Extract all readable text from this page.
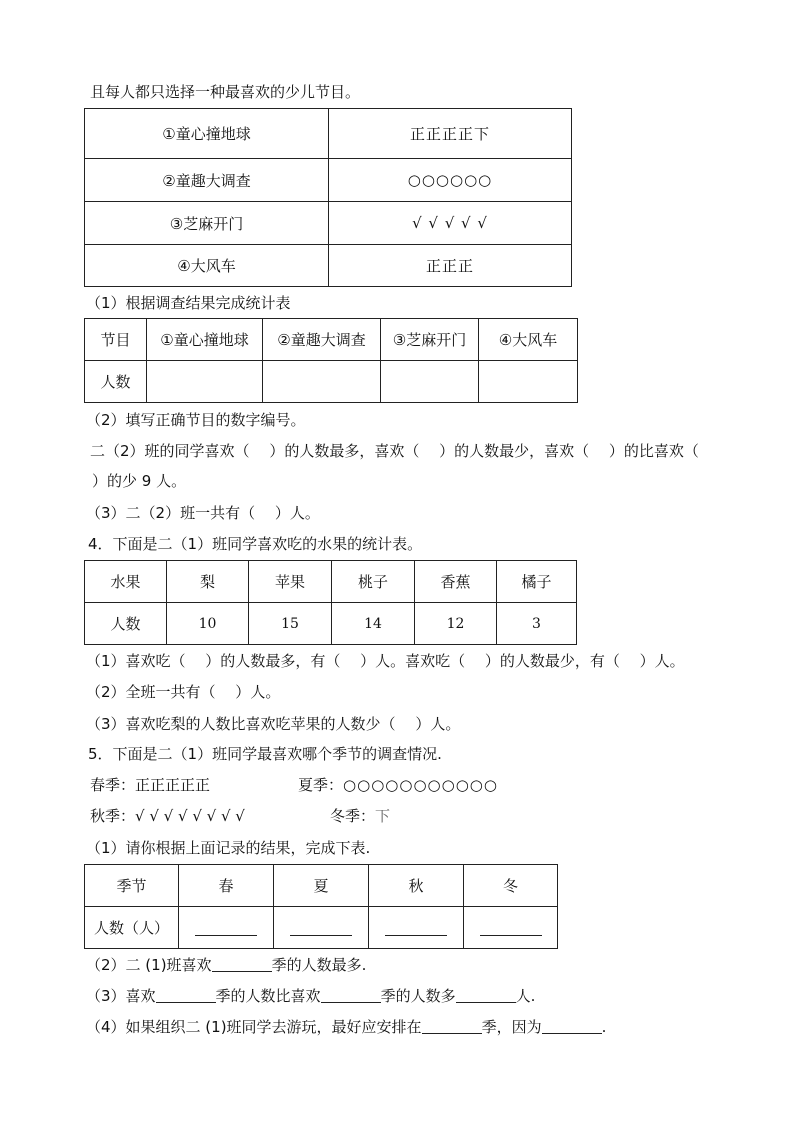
且每人都只选择一种最喜欢的少儿节目。
①童心撞地球	正正正正下
②童趣大调查	○○○○○○
③芝麻开门	√ √ √ √ √
④大风车	正正正
（1）根据调查结果完成统计表
节目	①童心撞地球	②童趣大调查	③芝麻开门	④大风车
人数				
（2）填写正确节目的数字编号。
二（2）班的同学喜欢（　 ）的人数最多，喜欢（　 ）的人数最少，喜欢（　 ）的比喜欢（
）的少 9 人。
（3）二（2）班一共有（　 ）人。
4．下面是二（1）班同学喜欢吃的水果的统计表。
水果	梨	苹果	桃子	香蕉	橘子
人数	10	15	14	12	3
（1）喜欢吃（　 ）的人数最多，有（　 ）人。喜欢吃（　 ）的人数最少，有（　 ）人。
（2）全班一共有（　 ）人。
（3）喜欢吃梨的人数比喜欢吃苹果的人数少（　 ）人。
5．下面是二（1）班同学最喜欢哪个季节的调查情况.
春季：正正正正正	夏季：○○○○○○○○○○○
秋季：√ √ √ √ √ √ √ √	冬季：下
（1）请你根据上面记录的结果，完成下表.
季节	春	夏	秋	冬
人数（人）				
（2）二 (1)班喜欢	季的人数最多.
（3）喜欢	季的人数比喜欢	季的人数多	人.
（4）如果组织二 (1)班同学去游玩，最好应安排在	季，因为	.
